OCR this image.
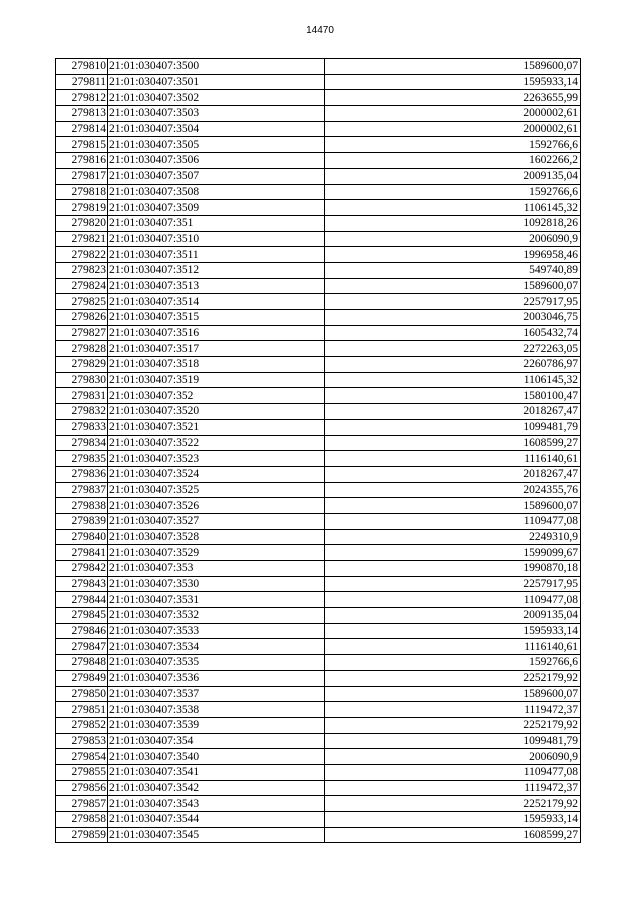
14470
279810	21:01:030407:3500	1589600,07
279811	21:01:030407:3501	1595933,14
279812	21:01:030407:3502	2263655,99
279813	21:01:030407:3503	2000002,61
279814	21:01:030407:3504	2000002,61
279815	21:01:030407:3505	1592766,6
279816	21:01:030407:3506	1602266,2
279817	21:01:030407:3507	2009135,04
279818	21:01:030407:3508	1592766,6
279819	21:01:030407:3509	1106145,32
279820	21:01:030407:351	1092818,26
279821	21:01:030407:3510	2006090,9
279822	21:01:030407:3511	1996958,46
279823	21:01:030407:3512	549740,89
279824	21:01:030407:3513	1589600,07
279825	21:01:030407:3514	2257917,95
279826	21:01:030407:3515	2003046,75
279827	21:01:030407:3516	1605432,74
279828	21:01:030407:3517	2272263,05
279829	21:01:030407:3518	2260786,97
279830	21:01:030407:3519	1106145,32
279831	21:01:030407:352	1580100,47
279832	21:01:030407:3520	2018267,47
279833	21:01:030407:3521	1099481,79
279834	21:01:030407:3522	1608599,27
279835	21:01:030407:3523	1116140,61
279836	21:01:030407:3524	2018267,47
279837	21:01:030407:3525	2024355,76
279838	21:01:030407:3526	1589600,07
279839	21:01:030407:3527	1109477,08
279840	21:01:030407:3528	2249310,9
279841	21:01:030407:3529	1599099,67
279842	21:01:030407:353	1990870,18
279843	21:01:030407:3530	2257917,95
279844	21:01:030407:3531	1109477,08
279845	21:01:030407:3532	2009135,04
279846	21:01:030407:3533	1595933,14
279847	21:01:030407:3534	1116140,61
279848	21:01:030407:3535	1592766,6
279849	21:01:030407:3536	2252179,92
279850	21:01:030407:3537	1589600,07
279851	21:01:030407:3538	1119472,37
279852	21:01:030407:3539	2252179,92
279853	21:01:030407:354	1099481,79
279854	21:01:030407:3540	2006090,9
279855	21:01:030407:3541	1109477,08
279856	21:01:030407:3542	1119472,37
279857	21:01:030407:3543	2252179,92
279858	21:01:030407:3544	1595933,14
279859	21:01:030407:3545	1608599,27
